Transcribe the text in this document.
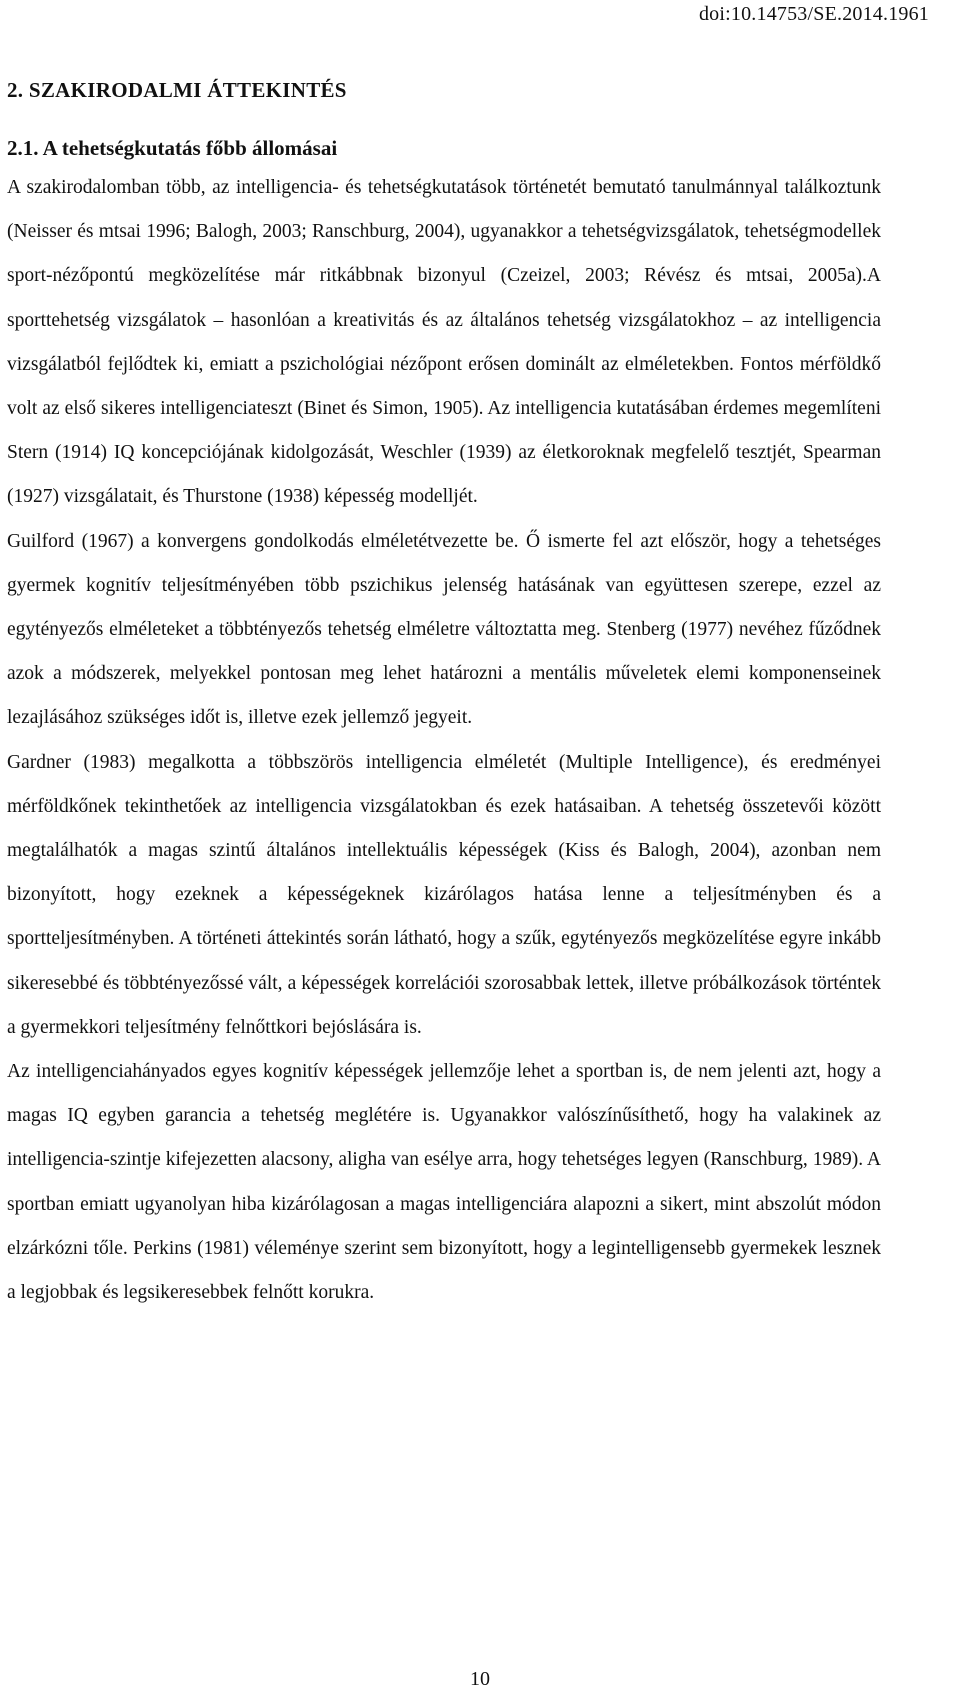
doi:10.14753/SE.2014.1961
2. SZAKIRODALMI ÁTTEKINTÉS
2.1. A tehetségkutatás főbb állomásai

A szakirodalomban több, az intelligencia- és tehetségkutatások történetét bemutató tanulmánnyal találkoztunk (Neisser és mtsai 1996; Balogh, 2003; Ranschburg, 2004), ugyanakkor a tehetségvizsgálatok, tehetségmodellek sport-nézőpontú megközelítése már ritkábbnak bizonyul (Czeizel, 2003; Révész és mtsai, 2005a).A sporttehetség vizsgálatok – hasonlóan a kreativitás és az általános tehetség vizsgálatokhoz – az intelligencia vizsgálatból fejlődtek ki, emiatt a pszichológiai nézőpont erősen dominált az elméletekben. Fontos mérföldkő volt az első sikeres intelligenciateszt (Binet és Simon, 1905). Az intelligencia kutatásában érdemes megemlíteni Stern (1914) IQ koncepciójának kidolgozását, Weschler (1939) az életkoroknak megfelelő tesztjét, Spearman (1927) vizsgálatait, és Thurstone (1938) képesség modelljét.

Guilford (1967) a konvergens gondolkodás elméletétvezette be. Ő ismerte fel azt először, hogy a tehetséges gyermek kognitív teljesítményében több pszichikus jelenség hatásának van együttesen szerepe, ezzel az egytényezős elméleteket a többtényezős tehetség elméletre változtatta meg. Stenberg (1977) nevéhez fűződnek azok a módszerek, melyekkel pontosan meg lehet határozni a mentális műveletek elemi komponenseinek lezajlásához szükséges időt is, illetve ezek jellemző jegyeit.

Gardner (1983) megalkotta a többszörös intelligencia elméletét (Multiple Intelligence), és eredményei mérföldkőnek tekinthetőek az intelligencia vizsgálatokban és ezek hatásaiban. A tehetség összetevői között megtalálhatók a magas szintű általános intellektuális képességek (Kiss és Balogh, 2004), azonban nem bizonyított, hogy ezeknek a képességeknek kizárólagos hatása lenne a teljesítményben és a sportteljesítményben. A történeti áttekintés során látható, hogy a szűk, egytényezős megközelítése egyre inkább sikeresebbé és többtényezőssé vált, a képességek korrelációi szorosabbak lettek, illetve próbálkozások történtek a gyermekkori teljesítmény felnőttkori bejóslására is.

Az intelligenciahányados egyes kognitív képességek jellemzője lehet a sportban is, de nem jelenti azt, hogy a magas IQ egyben garancia a tehetség meglétére is. Ugyanakkor valószínűsíthető, hogy ha valakinek az intelligencia-szintje kifejezetten alacsony, aligha van esélye arra, hogy tehetséges legyen (Ranschburg, 1989). A sportban emiatt ugyanolyan hiba kizárólagosan a magas intelligenciára alapozni a sikert, mint abszolút módon elzárkózni tőle. Perkins (1981) véleménye szerint sem bizonyított, hogy a legintelligensebb gyermekek lesznek a legjobbak és legsikeresebbek felnőtt korukra.

10
